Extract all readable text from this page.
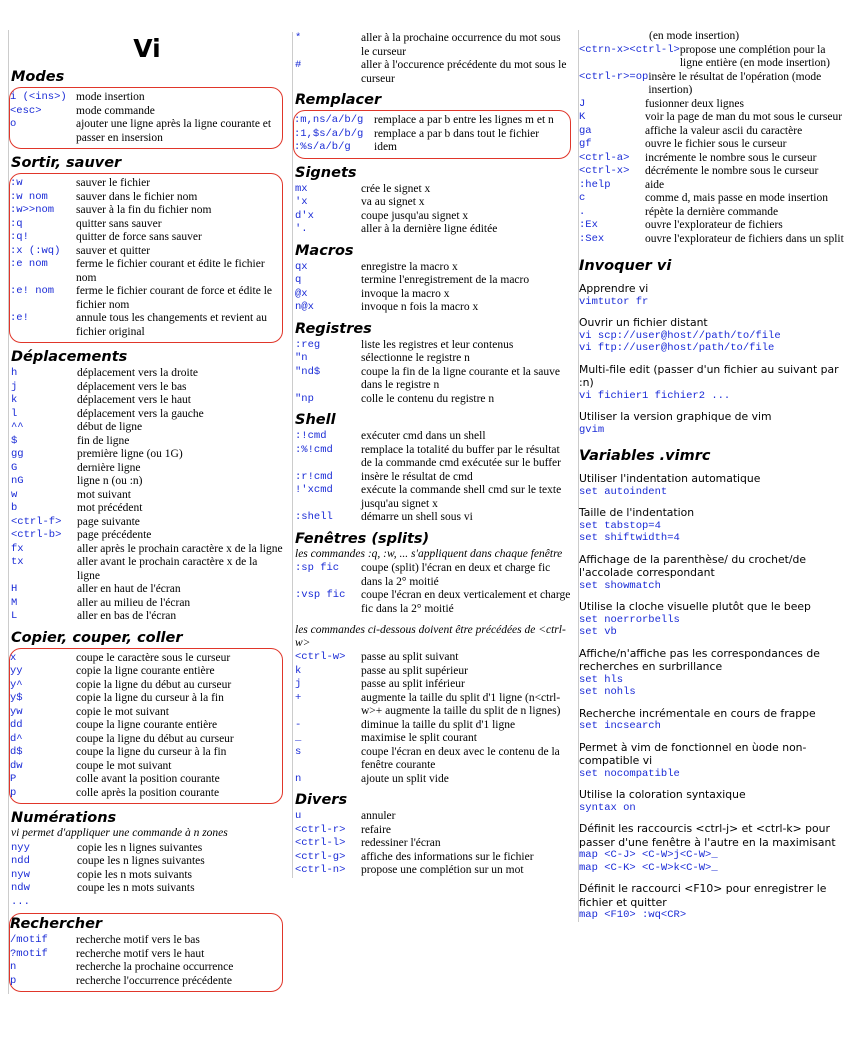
Vi
Modes
i (<ins>) mode insertion
<esc>	mode commande
o	ajouter une ligne après la ligne courante et passer en insersion
Sortir, sauver
:w	sauver le fichier
:w nom	sauver dans le fichier nom
:w>>nom	sauver à la fin du fichier nom
:q	quitter sans sauver
:q!	quitter de force sans sauver
:x (:wq)	sauver et quitter
:e nom	ferme le fichier courant et édite le fichier nom
:e! nom	ferme le fichier courant de force et édite le fichier nom
:e!	annule tous les changements et revient au fichier original
Déplacements
h	déplacement vers la droite
j	déplacement vers le bas
k	déplacement vers le haut
l	déplacement vers la gauche
^^	début de ligne
$	fin de ligne
gg	première ligne (ou 1G)
G	dernière ligne
nG	ligne n (ou :n)
w	mot suivant
b	mot précédent
<ctrl-f>	page suivante
<ctrl-b>	page précédente
fx	aller après le prochain caractère x de la ligne
tx	aller avant le prochain caractère x de la ligne
H	aller en haut de l'écran
M	aller au milieu de l'écran
L	aller en bas de l'écran
Copier, couper, coller
x	coupe le caractère sous le curseur
yy	copie la ligne courante entière
y^	copie la ligne du début au curseur
y$	copie la ligne du curseur à la fin
yw	copie le mot suivant
dd	coupe la ligne courante entière
d^	coupe la ligne du début au curseur
d$	coupe la ligne du curseur à la fin
dw	coupe le mot suivant
P	colle avant la position courante
p	colle après la position courante
Numérations
vi permet d'appliquer une commande à n zones
nyy	copie les n lignes suivantes
ndd	coupe les n lignes suivantes
nyw	copie les n mots suivants
ndw	coupe les n mots suivants
...
Rechercher
/motif	recherche motif vers le bas
?motif	recherche motif vers le haut
n	recherche la prochaine occurrence
p	recherche l'occurrence précédente
*	aller à la prochaine occurrence du mot sous le curseur
#	aller à l'occurence précédente du mot sous le curseur
Remplacer
:m,ns/a/b/g remplace a par b entre les lignes m et n
:1,$s/a/b/g remplace a par b dans tout le fichier
:%s/a/b/g	idem
Signets
mx	crée le signet x
'x	va au signet x
d'x	coupe jusqu'au signet x
'.	aller à la dernière ligne éditée
Macros
qx	enregistre la macro x
q	termine l'enregistrement de la macro
@x	invoque la macro x
n@x	invoque n fois la macro x
Registres
:reg	liste les registres et leur contenus
"n	sélectionne le registre n
"nd$	coupe la fin de la ligne courante et la sauve dans le registre n
"np	colle le contenu du registre n
Shell
:!cmd	exécuter cmd dans un shell
:%!cmd	remplace la totalité du buffer par le résultat de la commande cmd exécutée sur le buffer
:r!cmd	insère le résultat de cmd
!'xcmd	exécute la commande shell cmd sur le texte jusqu'au signet x
:shell	démarre un shell sous vi
Fenêtres (splits)
les commandes :q, :w, ... s'appliquent dans chaque fenêtre
:sp fic	coupe (split) l'écran en deux et charge fic dans la 2° moitié
:vsp fic	coupe l'écran en deux verticalement et charge fic dans la 2° moitié
les commandes ci-dessous doivent être précédées de <ctrl-w>
<ctrl-w>	passe au split suivant
k	passe au split supérieur
j	passe au split inférieur
+	augmente la taille du split d'1 ligne (n<ctrl-w>+ augmente la taille du split de n lignes)
-	diminue la taille du split d'1 ligne
_	maximise le split courant
s	coupe l'écran en deux avec le contenu de la fenêtre courante
n	ajoute un split vide
Divers
u	annuler
<ctrl-r>	refaire
<ctrl-l>	redessiner l'écran
<ctrl-g>	affiche des informations sur le fichier
<ctrl-n>	propose une complétion sur un mot
(en mode insertion)
<ctrn-x><ctrl-l> propose une complétion pour la ligne entière (en mode insertion)
<ctrl-r>=op insère le résultat de l'opération (mode insertion)
J	fusionner deux lignes
K	voir la page de man du mot sous le curseur
ga	affiche la valeur ascii du caractère
gf	ouvre le fichier sous le curseur
<ctrl-a>	incrémente le nombre sous le curseur
<ctrl-x>	décrémente le nombre sous le curseur
:help	aide
c	comme d, mais passe en mode insertion
.	répète la dernière commande
:Ex	ouvre l'explorateur de fichiers
:Sex	ouvre l'explorateur de fichiers dans un split
Invoquer vi
Apprendre vi
vimtutor fr
Ouvrir un fichier distant
vi scp://user@host//path/to/file
vi ftp://user@host/path/to/file
Multi-file edit (passer d'un fichier au suivant par :n)
vi fichier1 fichier2 ...
Utiliser la version graphique de vim
gvim
Variables .vimrc
Utiliser l'indentation automatique
set autoindent
Taille de l'indentation
set tabstop=4
set shiftwidth=4
Affichage de la parenthèse/ du crochet/de l'accolade correspondant
set showmatch
Utilise la cloche visuelle plutôt que le beep
set noerrorbells
set vb
Affiche/n'affiche pas les correspondances de recherches en surbrillance
set hls
set nohls
Recherche incrémentale en cours de frappe
set incsearch
Permet à vim de fonctionnel en ùode non-compatible vi
set nocompatible
Utilise la coloration syntaxique
syntax on
Définit les raccourcis <ctrl-j> et <ctrl-k> pour passer d'une fenêtre à l'autre en la maximisant
map <C-J> <C-W>j<C-W>_
map <C-K> <C-W>k<C-W>_
Définit le raccourci <F10> pour enregistrer le fichier et quitter
map <F10> :wq<CR>
